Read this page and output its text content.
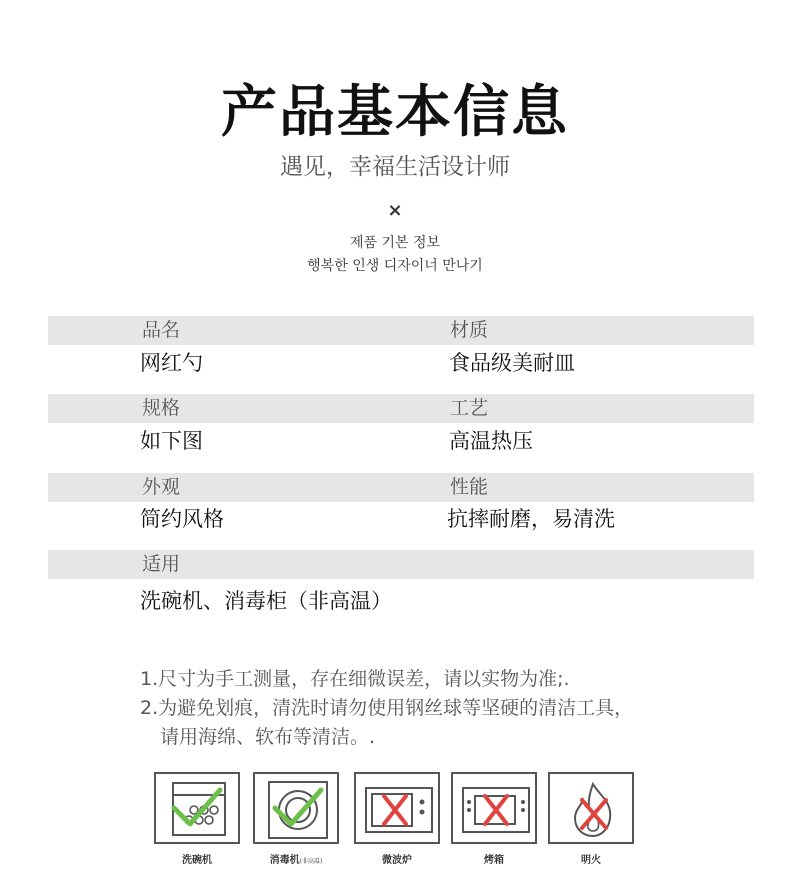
产品基本信息
遇见，幸福生活设计师
×
제품 기본 정보
행복한 인생 디자이너 만나기
品名	材质
网红勺	食品级美耐皿
规格	工艺
如下图	高温热压
外观	性能
简约风格	抗摔耐磨，易清洗
适用
洗碗机、消毒柜（非高温）
1.尺寸为手工测量，存在细微误差，请以实物为准;.
2.为避免划痕，清洗时请勿使用钢丝球等坚硬的清洁工具，
请用海绵、软布等清洁。.
洗碗机	消毒机(非高温)	微波炉	烤箱	明火
